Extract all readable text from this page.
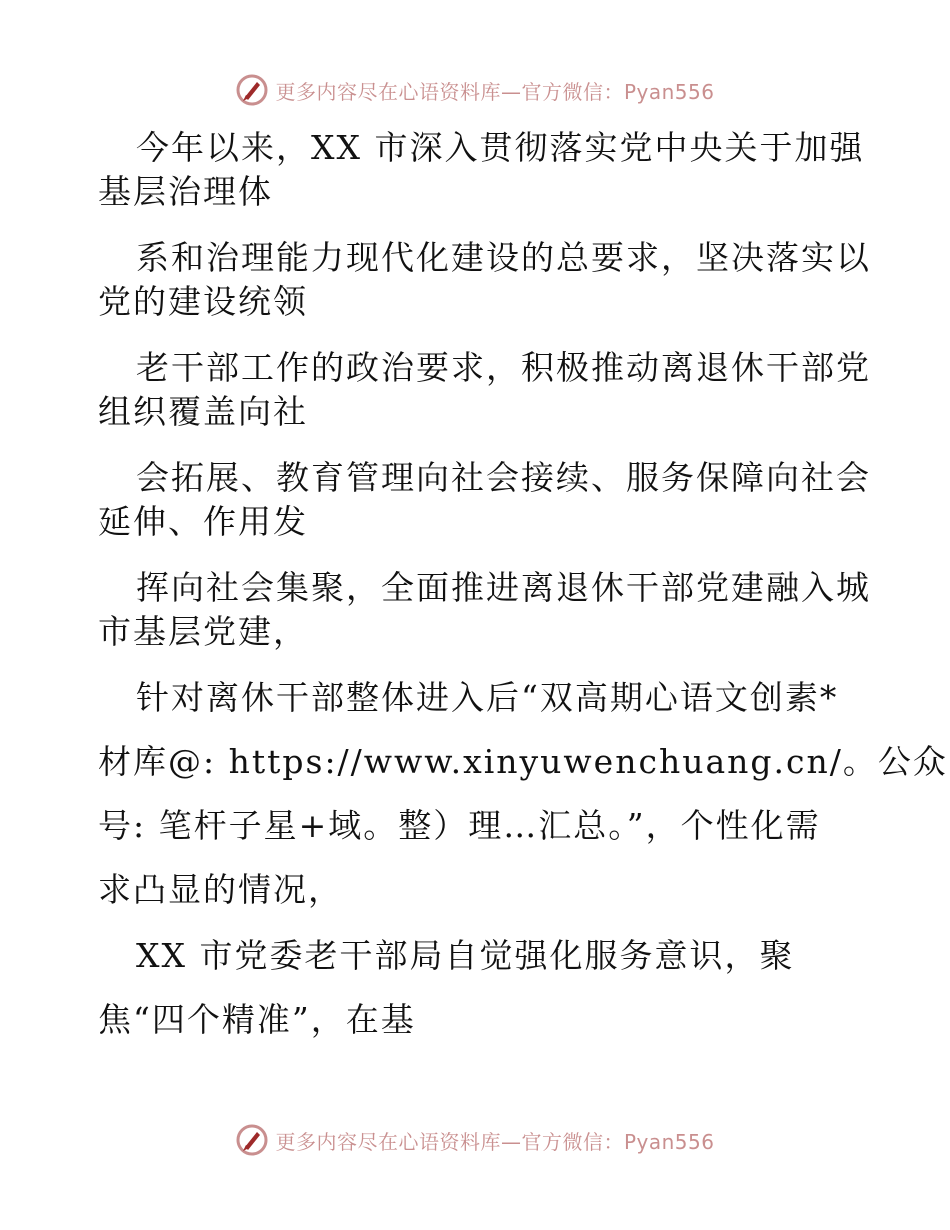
更多内容尽在心语资料库—官方微信：Pyan556
今年以来，XX 市深入贯彻落实党中央关于加强
基层治理体
系和治理能力现代化建设的总要求，坚决落实以
党的建设统领
老干部工作的政治要求，积极推动离退休干部党
组织覆盖向社
会拓展、教育管理向社会接续、服务保障向社会
延伸、作用发
挥向社会集聚，全面推进离退休干部党建融入城
市基层党建，
针对离休干部整体进入后“双高期心语文创素*
材库@: https://www.xinyuwenchuang.cn/。公众
号: 笔杆子星+域。整）理…汇总。”，个性化需
求凸显的情况，
XX 市党委老干部局自觉强化服务意识，聚
焦“四个精准”，在基
更多内容尽在心语资料库—官方微信：Pyan556
